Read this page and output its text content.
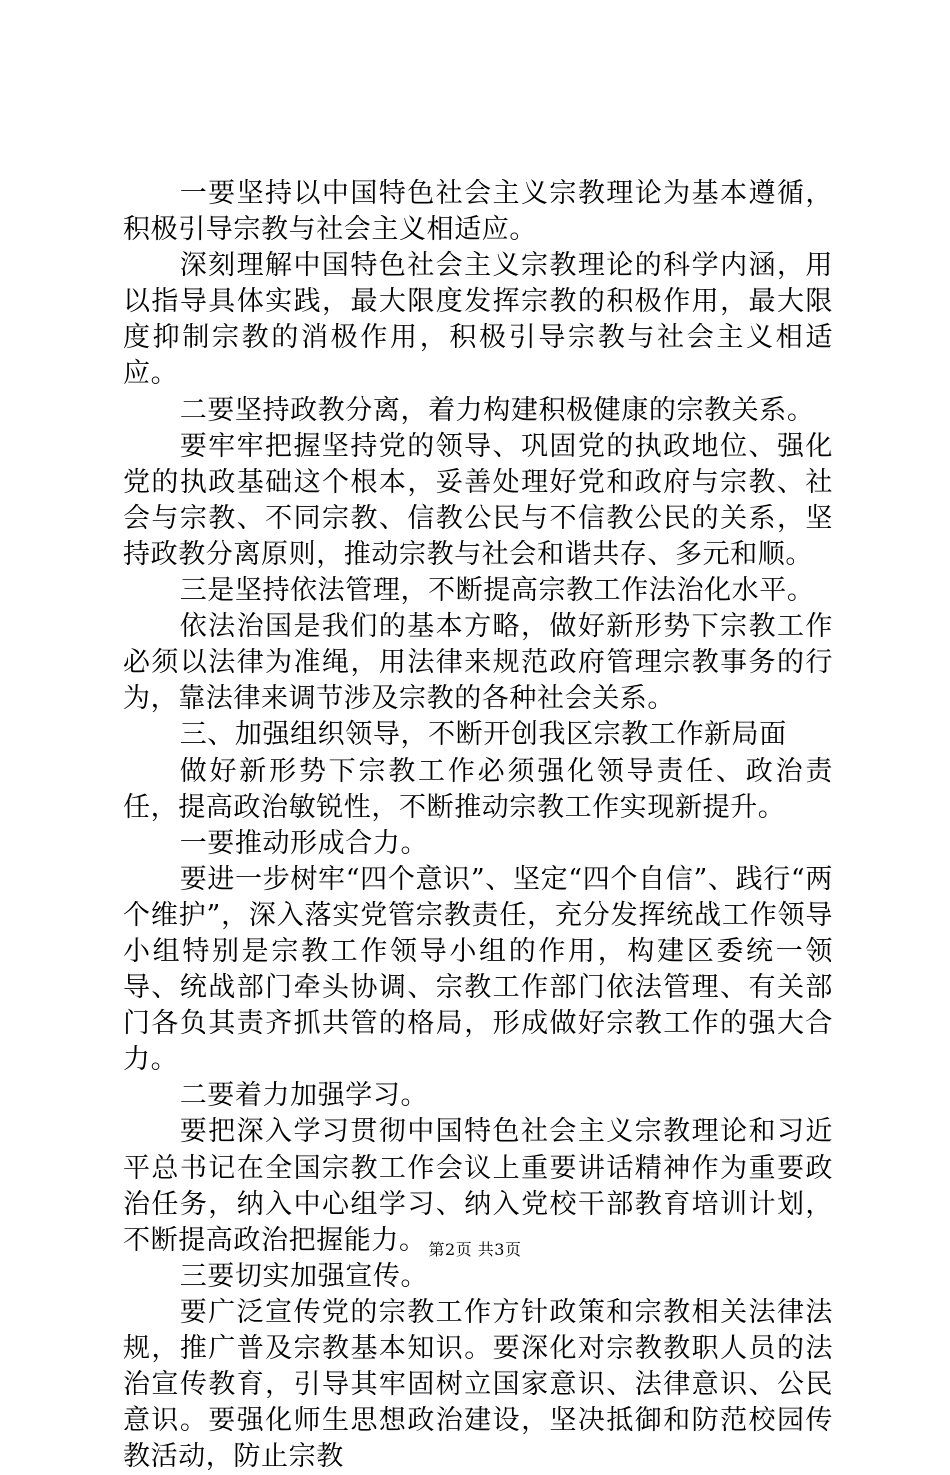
一要坚持以中国特色社会主义宗教理论为基本遵循，积极引导宗教与社会主义相适应。

深刻理解中国特色社会主义宗教理论的科学内涵，用以指导具体实践，最大限度发挥宗教的积极作用，最大限度抑制宗教的消极作用，积极引导宗教与社会主义相适应。

二要坚持政教分离，着力构建积极健康的宗教关系。

要牢牢把握坚持党的领导、巩固党的执政地位、强化党的执政基础这个根本，妥善处理好党和政府与宗教、社会与宗教、不同宗教、信教公民与不信教公民的关系，坚持政教分离原则，推动宗教与社会和谐共存、多元和顺。

三是坚持依法管理，不断提高宗教工作法治化水平。

依法治国是我们的基本方略，做好新形势下宗教工作必须以法律为准绳，用法律来规范政府管理宗教事务的行为，靠法律来调节涉及宗教的各种社会关系。

三、加强组织领导，不断开创我区宗教工作新局面

做好新形势下宗教工作必须强化领导责任、政治责任，提高政治敏锐性，不断推动宗教工作实现新提升。

一要推动形成合力。

要进一步树牢“四个意识”、坚定“四个自信”、践行“两个维护”，深入落实党管宗教责任，充分发挥统战工作领导小组特别是宗教工作领导小组的作用，构建区委统一领导、统战部门牵头协调、宗教工作部门依法管理、有关部门各负其责齐抓共管的格局，形成做好宗教工作的强大合力。

二要着力加强学习。

要把深入学习贯彻中国特色社会主义宗教理论和习近平总书记在全国宗教工作会议上重要讲话精神作为重要政治任务，纳入中心组学习、纳入党校干部教育培训计划，不断提高政治把握能力。

三要切实加强宣传。

要广泛宣传党的宗教工作方针政策和宗教相关法律法规，推广普及宗教基本知识。要深化对宗教教职人员的法治宣传教育，引导其牢固树立国家意识、法律意识、公民意识。要强化师生思想政治建设，坚决抵御和防范校园传教活动，防止宗教

第2页 共3页
